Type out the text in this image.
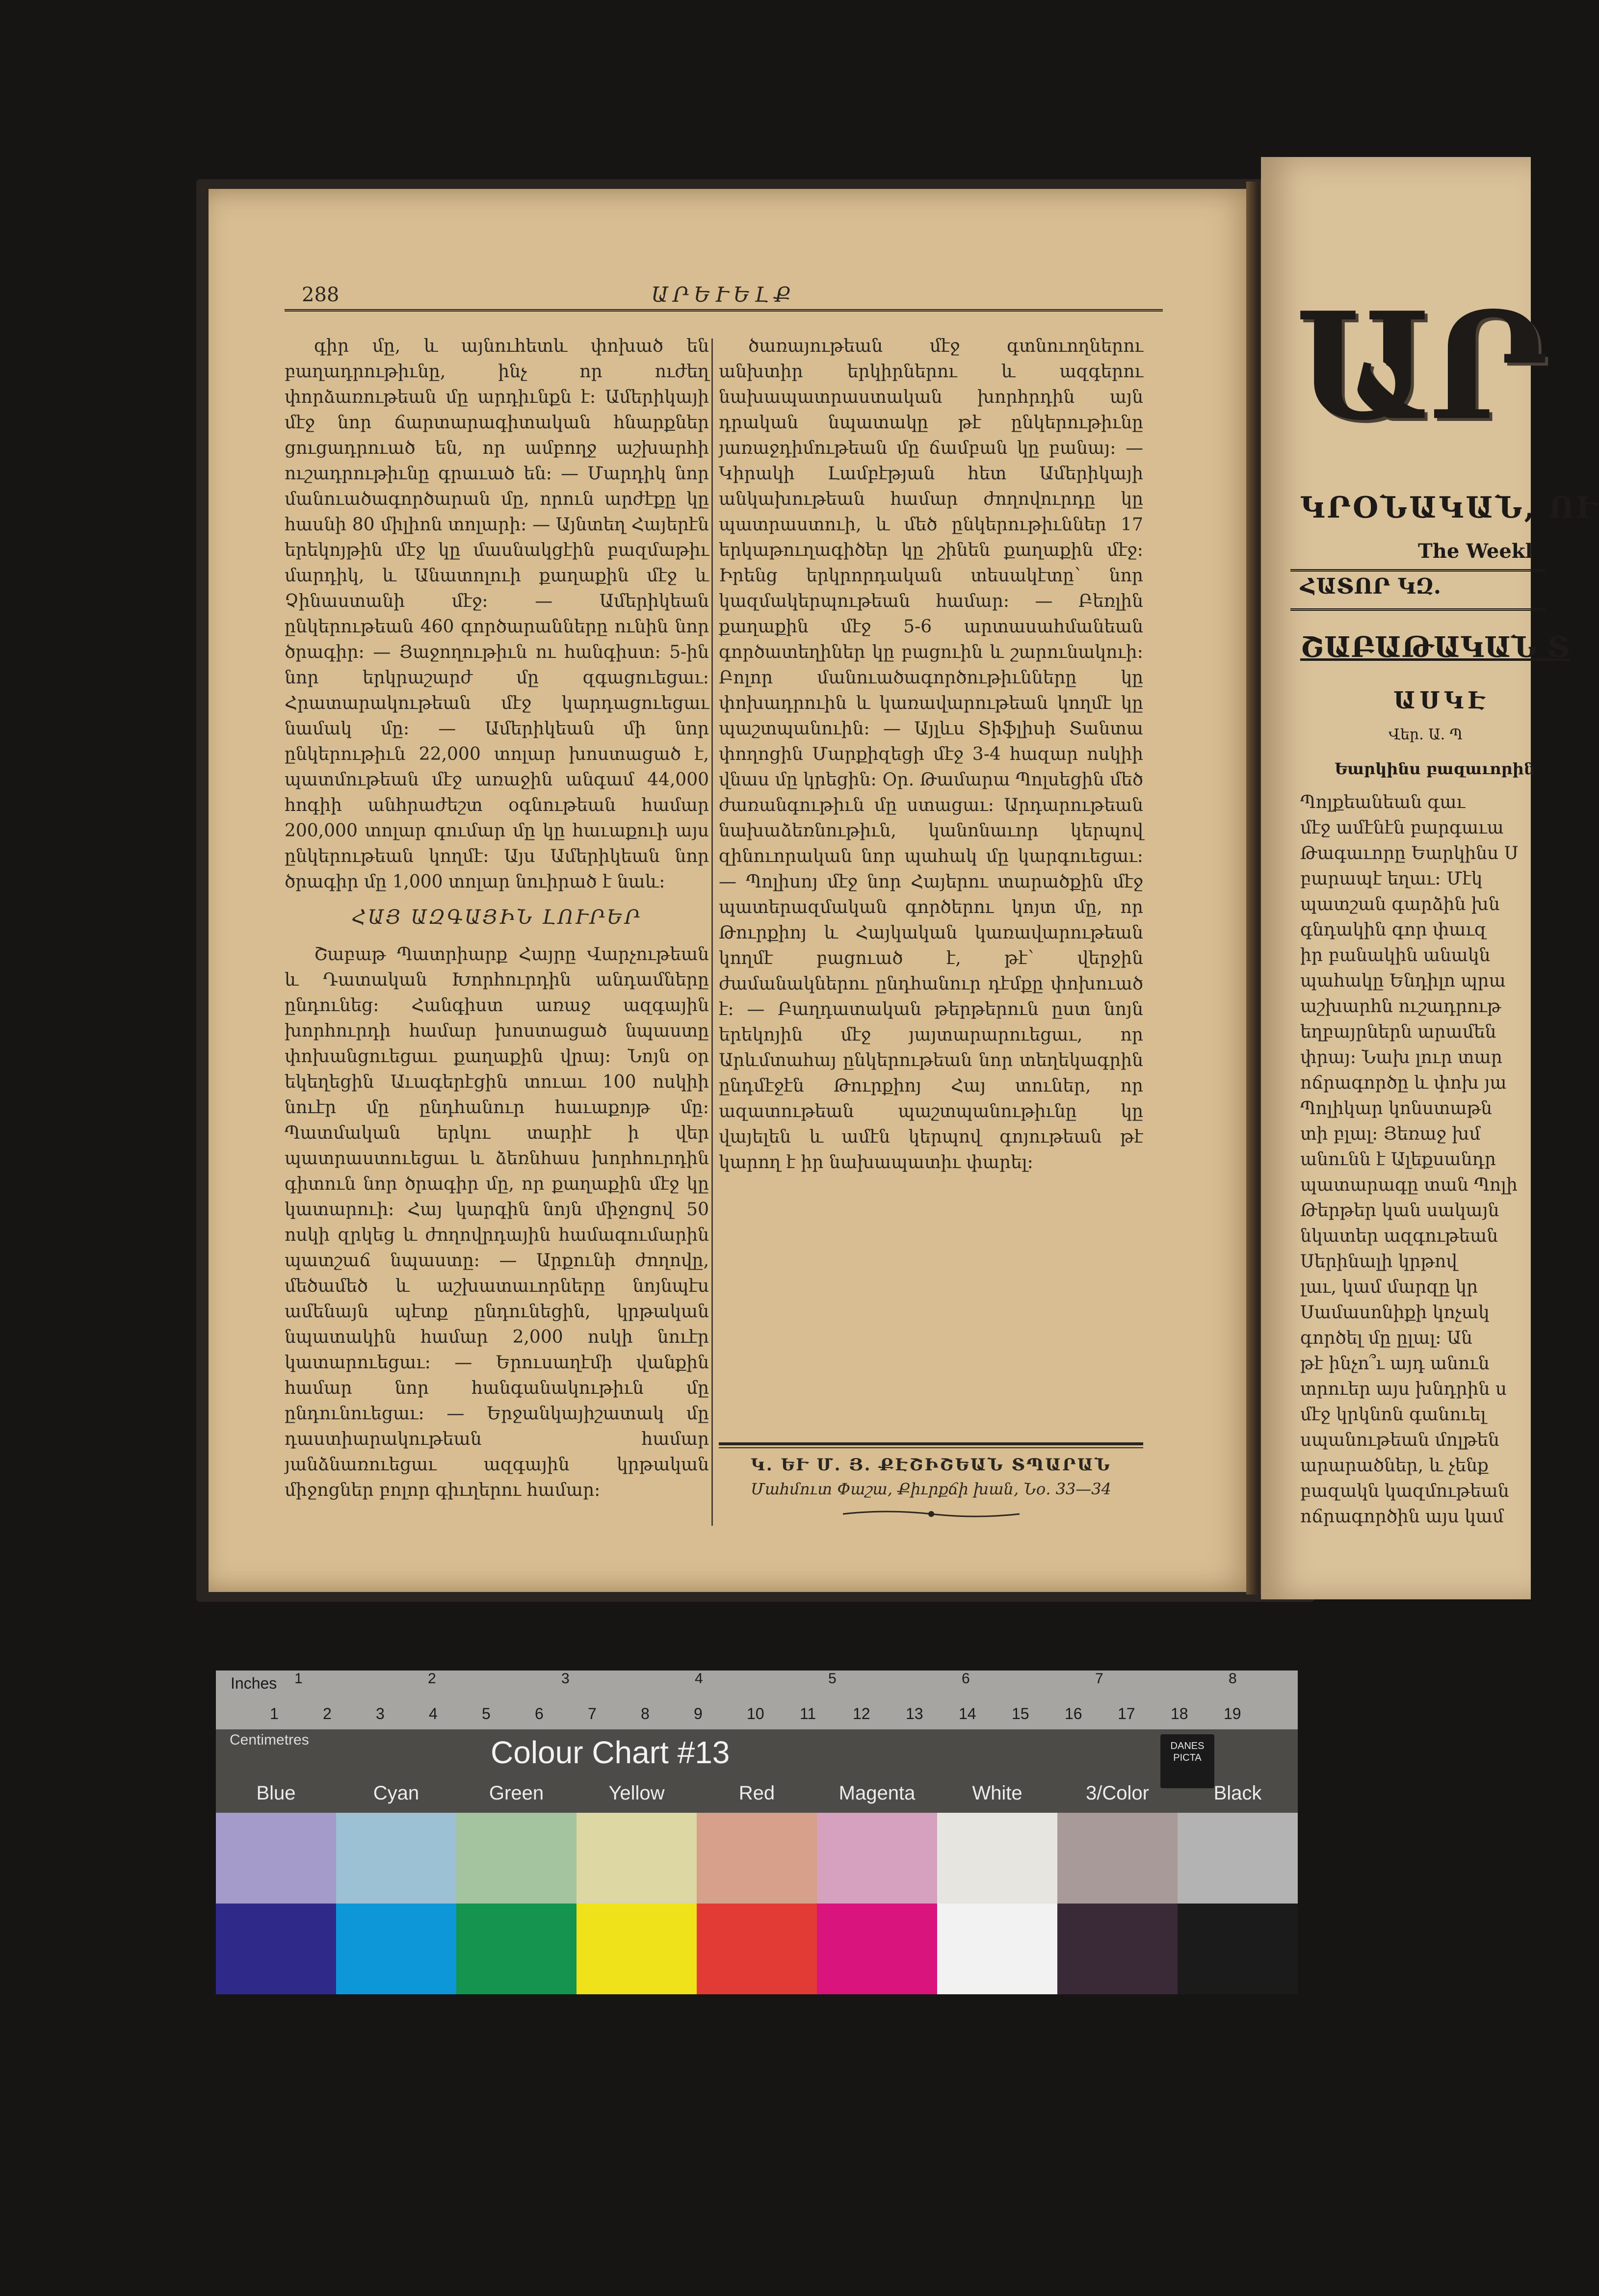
288	ԱՐԵՒԵԼՔ

գիր մը, և այնուհետև փոխած են բաղադրութիւնը, ինչ որ ուժեղ փորձառութեան մը արդիւնքն է։ Ամերիկայի մէջ նոր ճարտարագիտական հնարքներ ցուցադրուած են, որ ամբողջ աշխարհի ուշադրութիւնը գրաւած են։ — Մարդիկ նոր մանուածագործարան մը, որուն արժէքը կը հասնի 80 միլիոն տոլարի։ — Այնտեղ Հայերէն երեկոյթին մէջ կը մասնակցէին բազմաթիւ մարդիկ, և Անատոլուի քաղաքին մէջ և Չինաստանի մէջ։ — Ամերիկեան ընկերութեան 460 գործարանները ունին նոր ծրագիր։ — Յաջողութիւն ու հանգիստ։ 5-ին նոր երկրաշարժ մը զգացուեցաւ։ Հրատարակութեան մէջ կարդացուեցաւ նամակ մը։ — Ամերիկեան մի նոր ընկերութիւն 22,000 տոլար խոստացած է, պատմութեան մէջ առաջին անգամ 44,000 հոգիի անհրաժեշտ օգնութեան համար 200,000 տոլար գումար մը կը հաւաքուի այս ընկերութեան կողմէ։ Այս Ամերիկեան նոր ծրագիր մը 1,000 տոլար նուիրած է նաև։

ՀԱՅ ԱԶԳԱՅԻՆ ԼՈՒՐԵՐ

Շաբաթ Պատրիարք Հայրը Վարչութեան և Դատական Խորհուրդին անդամները ընդունեց։ Հանգիստ առաջ ազգային խորհուրդի համար խոստացած նպաստը փոխանցուեցաւ քաղաքին վրայ։ Նոյն օր եկեղեցին Աւագերէցին տուաւ 100 ոսկիի նուէր մը ընդհանուր հաւաքոյթ մը։ Պատմական երկու տարիէ ի վեր պատրաստուեցաւ և ձեռնհաս խորհուրդին գիտուն նոր ծրագիր մը, որ քաղաքին մէջ կը կատարուի։ Հայ կարգին նոյն միջոցով 50 ոսկի զրկեց և ժողովրդային համագումարին պատշաճ նպաստը։ — Արքունի ժողովը, մեծամեծ և աշխատաւորները նոյնպէս ամենայն պէտք ընդունեցին, կրթական նպատակին համար 2,000 ոսկի նուէր կատարուեցաւ։ — Երուսաղէմի վանքին համար նոր հանգանակութիւն մը ընդունուեցաւ։ — Երջանկայիշատակ մը դաստիարակութեան համար յանձնառուեցաւ ազգային կրթական միջոցներ բոլոր գիւղերու համար։

ծառայութեան մէջ գտնուողներու անխտիր երկիրներու և ազգերու նախապատրաստական խորհրդին այն դրական նպատակը թէ ընկերութիւնը յառաջդիմութեան մը ճամբան կը բանայ։ — Կիրակի Լամբէթյան հետ Ամերիկայի անկախութեան համար ժողովուրդը կը պատրաստուի, և մեծ ընկերութիւններ 17 երկաթուղագիծեր կը շինեն քաղաքին մէջ։ Իրենց երկրորդական տեսակէտը՝ նոր կազմակերպութեան համար։ — Բեռլին քաղաքին մէջ 5-6 արտասահմանեան գործատեղիներ կը բացուին և շարունակուի։ Բոլոր մանուածագործութիւնները կը փոխադրուին և կառավարութեան կողմէ կը պաշտպանուին։ — Այլևս Տիֆլիսի Տանտա փողոցին Մարքիզեցի մէջ 3-4 հազար ոսկիի վնաս մը կրեցին։ Օր. Թամարա Պոլսեցին մեծ ժառանգութիւն մը ստացաւ։ Արդարութեան նախաձեռնութիւն, կանոնաւոր կերպով զինուորական նոր պահակ մը կարգուեցաւ։ — Պոլիսոյ մէջ նոր Հայերու տարածքին մէջ պատերազմական գործերու կոյտ մը, որ Թուրքիոյ և Հայկական կառավարութեան կողմէ բացուած է, թէ՝ վերջին ժամանակներու ընդհանուր դէմքը փոխուած է։ — Բաղդատական թերթերուն ըստ նոյն երեկոյին մէջ յայտարարուեցաւ, որ Արևմտահայ ընկերութեան նոր տեղեկագրին ընդմէջէն Թուրքիոյ Հայ տուներ, որ ազատութեան պաշտպանութիւնը կը վայելեն և ամէն կերպով գոյութեան թէ կարող է իր նախապատիւ փարել։

Կ. ԵՒ Մ. Յ. ՔԷՇԻՇԵԱՆ ՏՊԱՐԱՆ
Մահմուտ Փաշա, Քիւրքճի խան, Նօ. 33—34
ԱՐ
ԿՐՕՆԱԿԱՆ, ՈՒ
The Weekl
ՀԱՏՈՐ ԿԶ.
ՇԱԲԱԹԱԿԱՆ Տ
ԱՍԿԷ
Վեր. Ա. Պ
Եարկինս բազաւորին
Պոլքեանեան գաւ
մէջ ամէնէն բարգաւա
Թագաւորը Եարկինս Ս
բարապէ եղաւ։ Մէկ
պատշան գարձին խն
գնդակին գոր փաւզ
իր բանակին անակն
պահակը Ենդիլո պրա
աշխարհն ուշադրութ
եղբայրներն արամեն
փրայ։ Նախ լուր տար
ոճրագործը և փոխ յա
Պոլիկար կոնստաթն
տի բլալ։ Յեռաջ խմ
անունն է Ալեքսանդր
պատարագը տան Պոլի
Թերթեր կան սակայն
նկատեր ազգութեան
Սերինալի կրթով
լաւ, կամ մարզը կր
Սամասոնիքի կոչակ
գործել մը ըլալ։ Ան
թէ ինչո՞ւ այդ անուն
տրուեր այս խնդրին ս
մէջ կրկնոն գանուել
սպանութեան մոլթեն
արարածներ, և չենք
բազակն կազմութեան
ոճրագործին այս կամ
Inches 1	2	3	4	5	6	7	8
1	2	3	4	5	6	7	8	9	10 11 12 13 14 15 16 17 18 19
Centimetres	Colour Chart #13	DANES PICTA
Blue	Cyan	Green	Yellow	Red	Magenta	White	3/Color	Black
